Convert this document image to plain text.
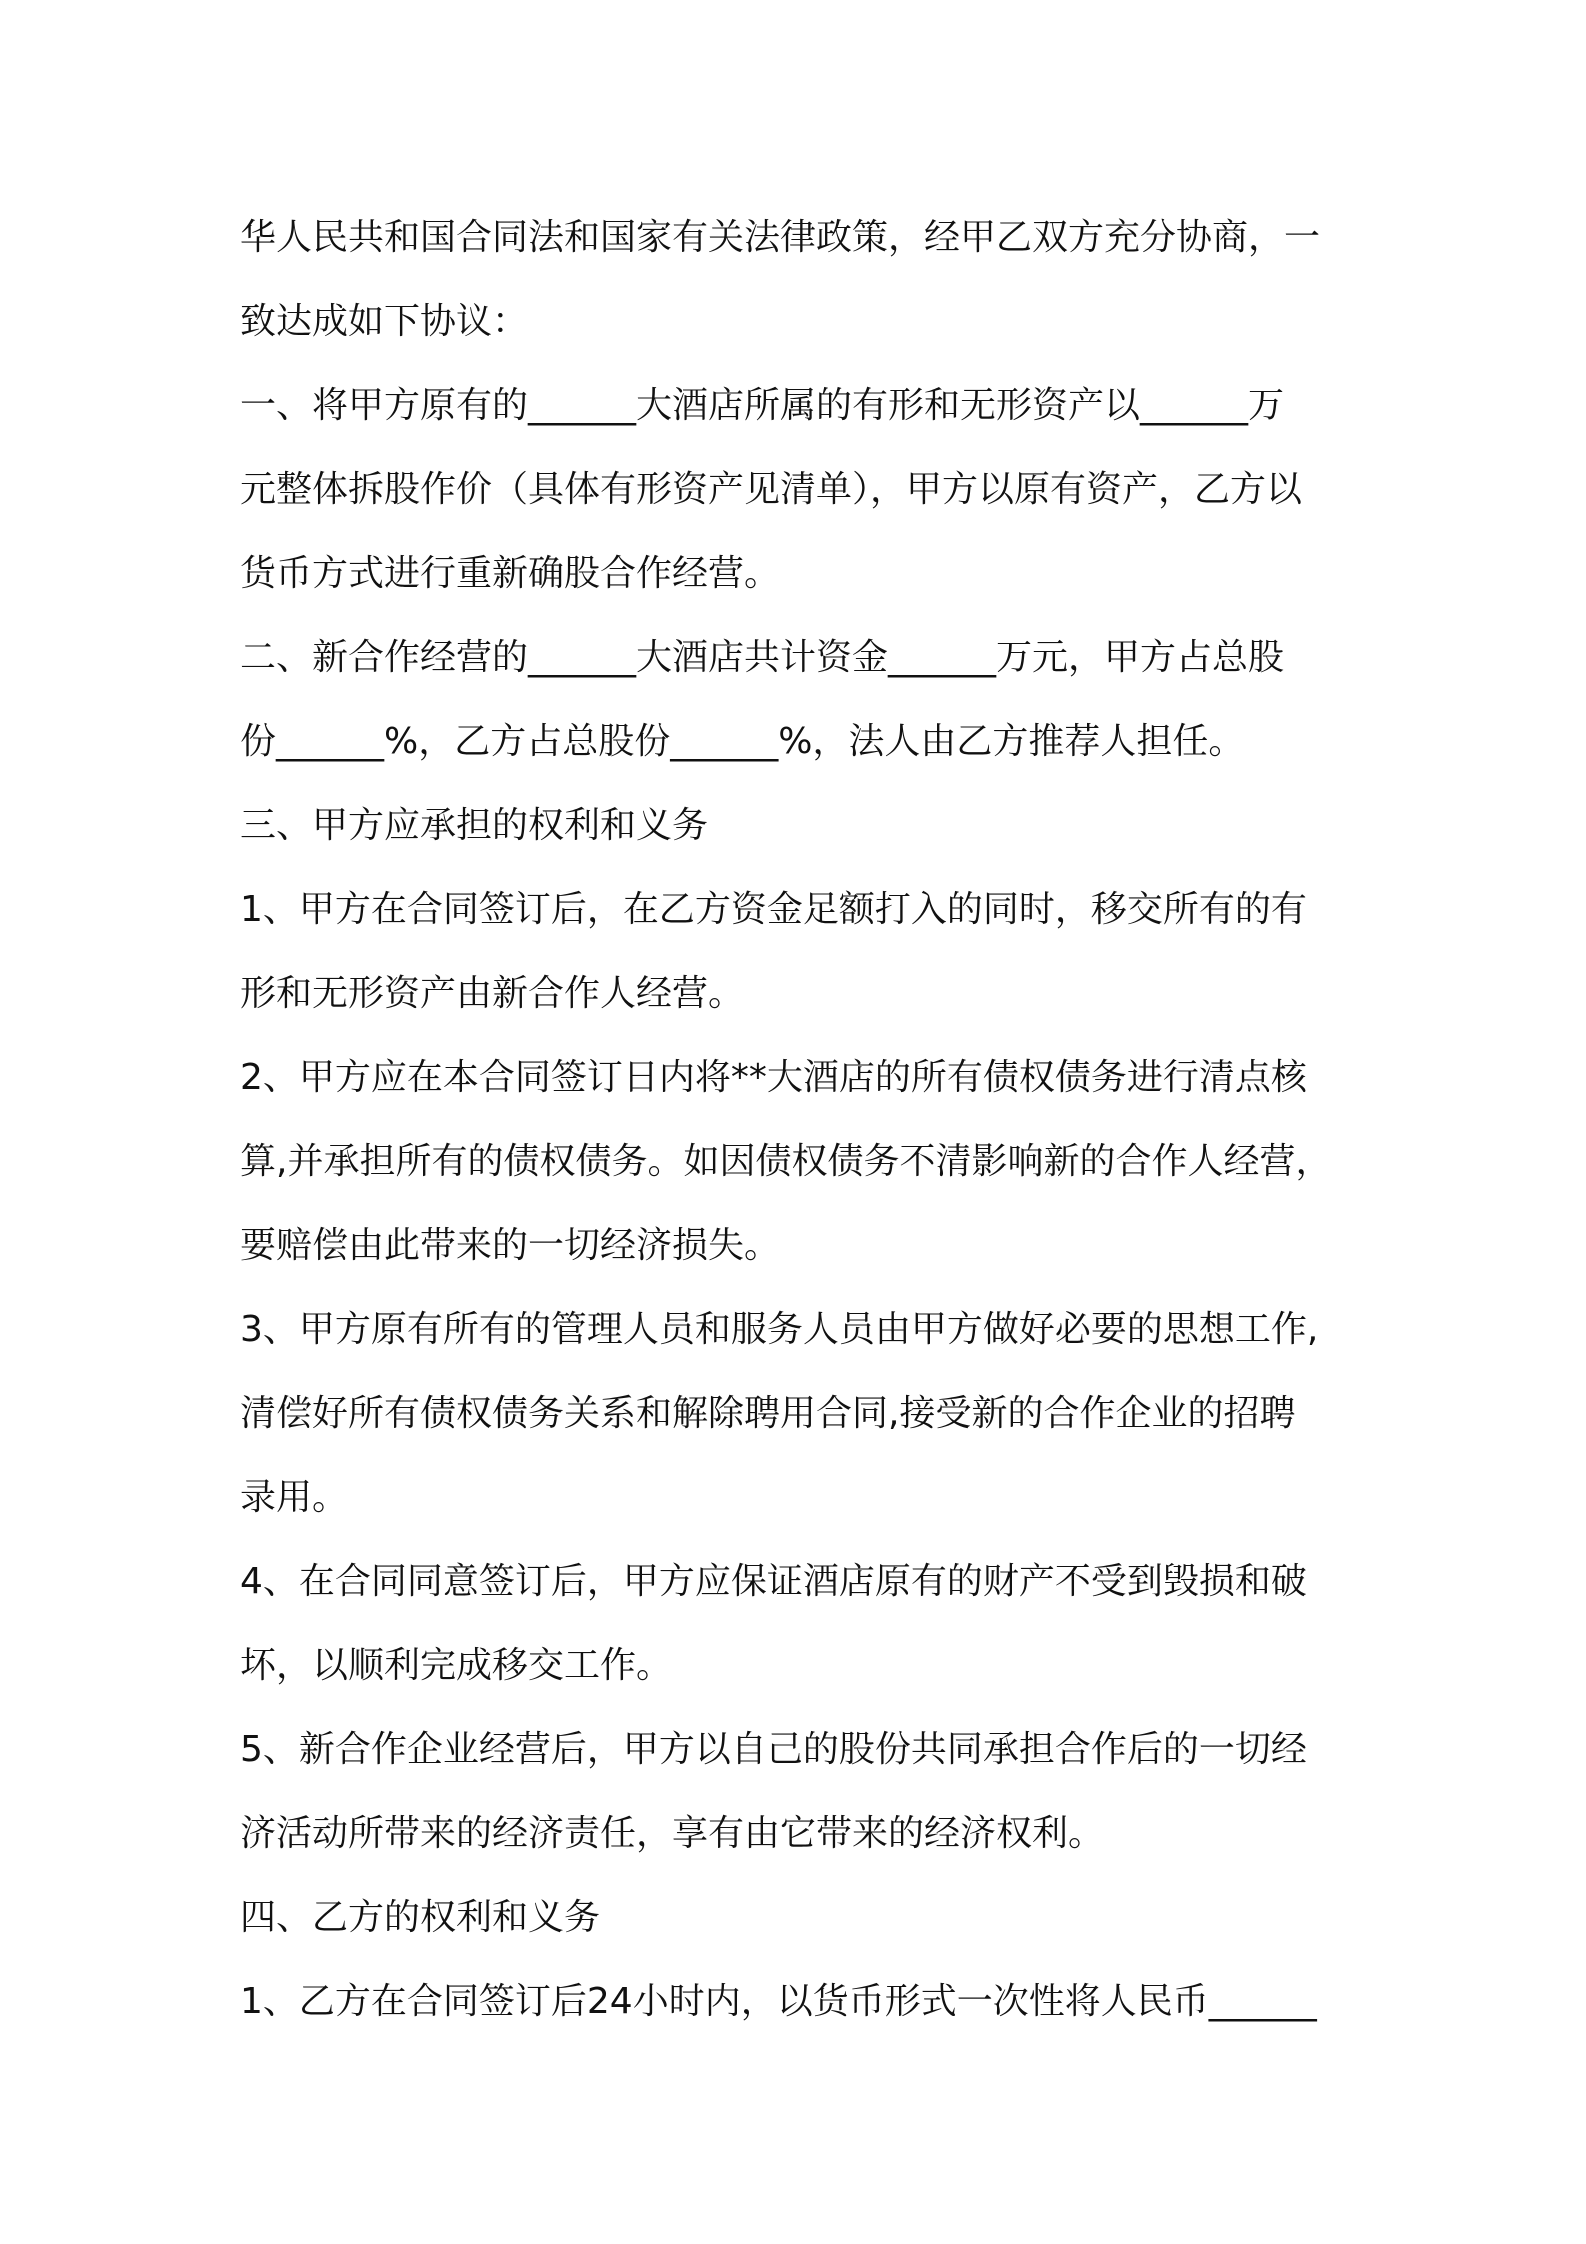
华人民共和国合同法和国家有关法律政策，经甲乙双方充分协商，一
致达成如下协议：
一、将甲方原有的______大酒店所属的有形和无形资产以______万
元整体拆股作价（具体有形资产见清单），甲方以原有资产，乙方以
货币方式进行重新确股合作经营。
二、新合作经营的______大酒店共计资金______万元，甲方占总股
份______%，乙方占总股份______%，法人由乙方推荐人担任。
三、甲方应承担的权利和义务
1、甲方在合同签订后，在乙方资金足额打入的同时，移交所有的有
形和无形资产由新合作人经营。
2、甲方应在本合同签订日内将**大酒店的所有债权债务进行清点核
算,并承担所有的债权债务。如因债权债务不清影响新的合作人经营，
要赔偿由此带来的一切经济损失。
3、甲方原有所有的管理人员和服务人员由甲方做好必要的思想工作,
清偿好所有债权债务关系和解除聘用合同,接受新的合作企业的招聘
录用。
4、在合同同意签订后，甲方应保证酒店原有的财产不受到毁损和破
坏，以顺利完成移交工作。
5、新合作企业经营后，甲方以自己的股份共同承担合作后的一切经
济活动所带来的经济责任，享有由它带来的经济权利。
四、乙方的权利和义务
1、乙方在合同签订后24小时内，以货币形式一次性将人民币______
